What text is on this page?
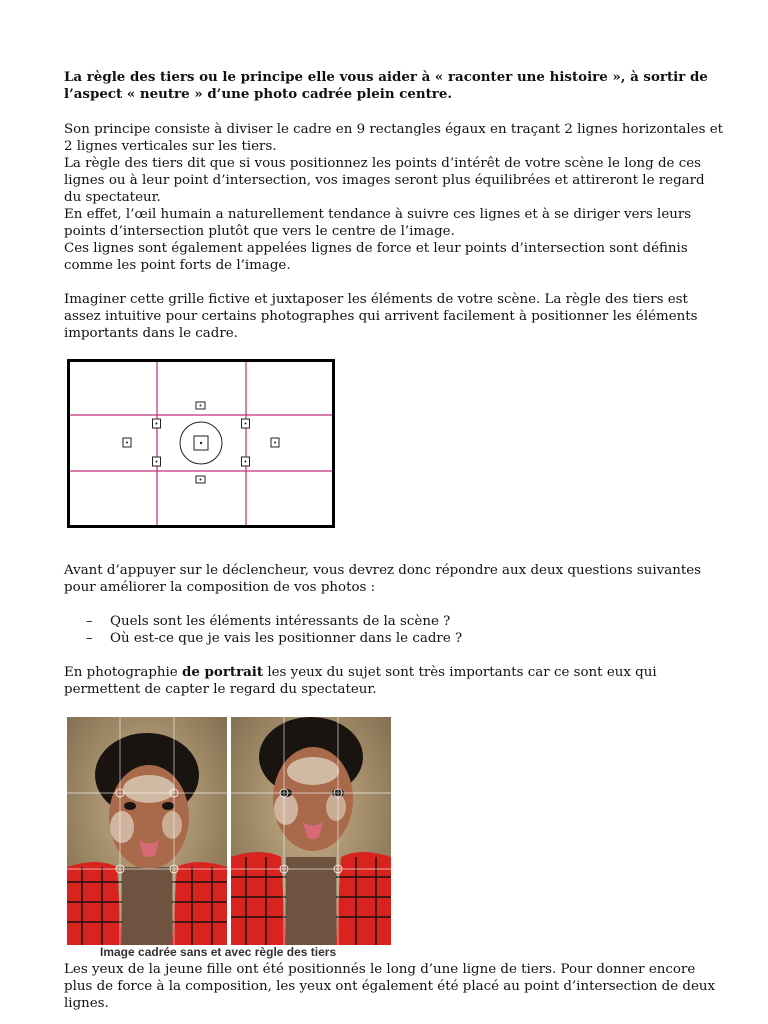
La règle des tiers ou le principe elle vous aider à « raconter une histoire », à sortir de l’aspect « neutre » d’une photo cadrée plein centre.

Son principe consiste à diviser le cadre en 9 rectangles égaux en traçant 2 lignes horizontales et 2 lignes verticales sur les tiers.

La règle des tiers dit que si vous positionnez les points d’intérêt de votre scène le long de ces lignes ou à leur point d’intersection, vos images seront plus équilibrées et attireront le regard du spectateur.

En effet, l’œil humain a naturellement tendance à suivre ces lignes et à se diriger vers leurs points d’intersection plutôt que vers le centre de l’image.

Ces lignes sont également appelées lignes de force et leur points d’intersection sont définis comme les point forts de l’image.

Imaginer cette grille fictive et juxtaposer les éléments de votre scène. La règle des tiers est assez intuitive pour certains photographes qui arrivent facilement à positionner les éléments importants dans le cadre.

Avant d’appuyer sur le déclencheur, vous devrez donc répondre aux deux questions suivantes pour améliorer la composition de vos photos :

– Quels sont les éléments intéressants de la scène ?
– Où est-ce que je vais les positionner dans le cadre ?

En photographie de portrait les yeux du sujet sont très importants car ce sont eux qui permettent de capter le regard du spectateur.

Les yeux de la jeune fille ont été positionnés le long d’une ligne de tiers. Pour donner encore plus de force à la composition, les yeux ont également été placé au point d’intersection de deux lignes.

Image cadrée sans et avec règle des tiers
